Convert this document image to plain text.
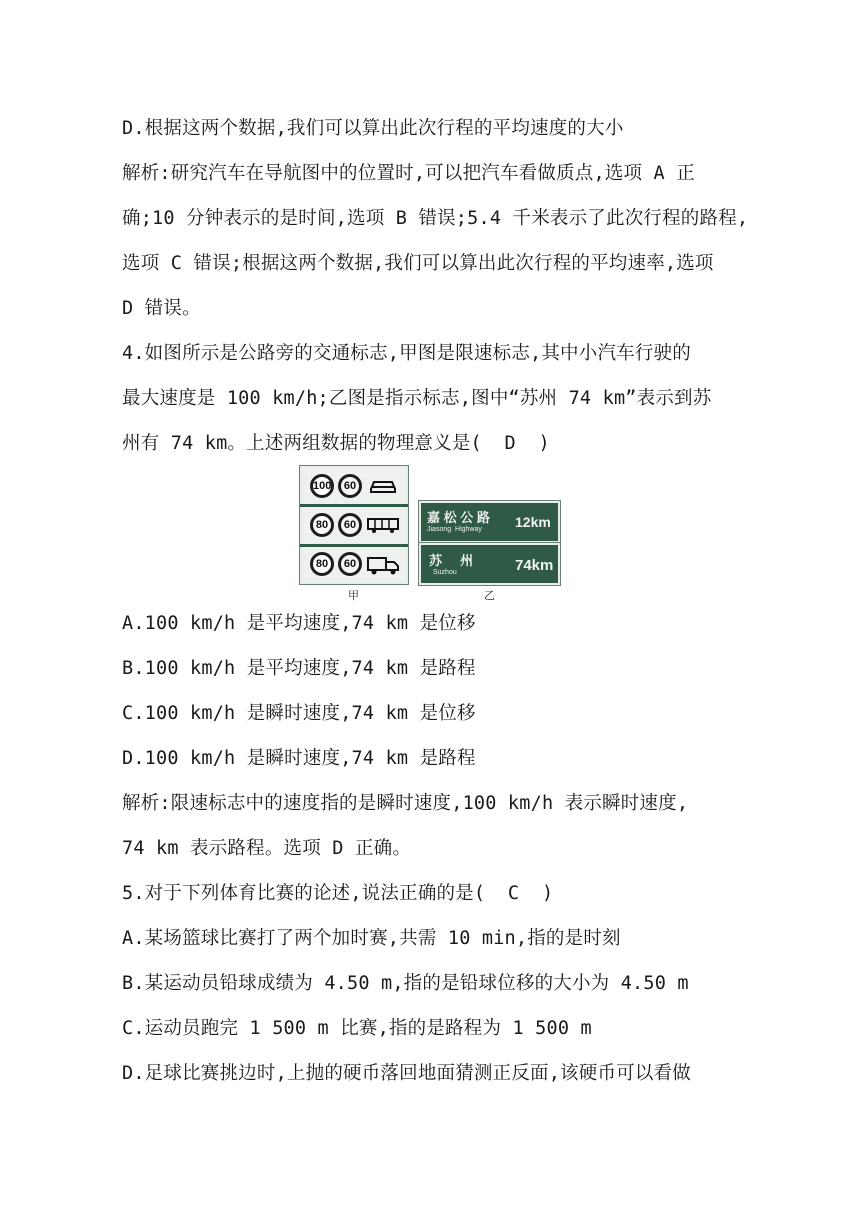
D.根据这两个数据,我们可以算出此次行程的平均速度的大小
解析:研究汽车在导航图中的位置时,可以把汽车看做质点,选项 A 正
确;10 分钟表示的是时间,选项 B 错误;5.4 千米表示了此次行程的路程,
选项 C 错误;根据这两个数据,我们可以算出此次行程的平均速率,选项
D 错误。
4.如图所示是公路旁的交通标志,甲图是限速标志,其中小汽车行驶的
最大速度是 100 km/h;乙图是指示标志,图中“苏州 74 km”表示到苏
州有 74 km。上述两组数据的物理意义是(  D  )
100	60
80	60
80	60
甲
嘉 松 公 路
Jiasong  Highway 12km
苏     州
Suzhou	74km
乙
A.100 km/h 是平均速度,74 km 是位移
B.100 km/h 是平均速度,74 km 是路程
C.100 km/h 是瞬时速度,74 km 是位移
D.100 km/h 是瞬时速度,74 km 是路程
解析:限速标志中的速度指的是瞬时速度,100 km/h 表示瞬时速度,
74 km 表示路程。选项 D 正确。
5.对于下列体育比赛的论述,说法正确的是(  C  )
A.某场篮球比赛打了两个加时赛,共需 10 min,指的是时刻
B.某运动员铅球成绩为 4.50 m,指的是铅球位移的大小为 4.50 m
C.运动员跑完 1 500 m 比赛,指的是路程为 1 500 m
D.足球比赛挑边时,上抛的硬币落回地面猜测正反面,该硬币可以看做
